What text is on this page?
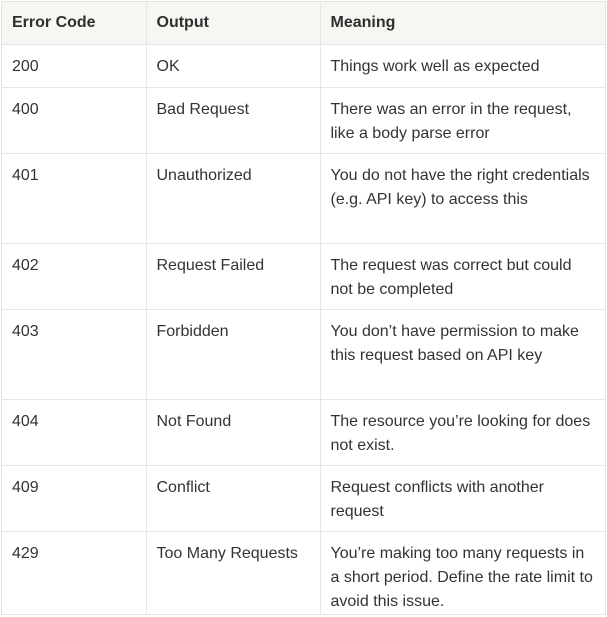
Error Code	Output	Meaning
200	OK	Things work well as expected
400	Bad Request	There was an error in the request, like a body parse error
401	Unauthorized	You do not have the right credentials (e.g. API key) to access this
402	Request Failed	The request was correct but could not be completed
403	Forbidden	You don’t have permission to make this request based on API key
404	Not Found	The resource you’re looking for does not exist.
409	Conflict	Request conflicts with another request
429	Too Many Requests	You’re making too many requests in a short period. Define the rate limit to avoid this issue.
